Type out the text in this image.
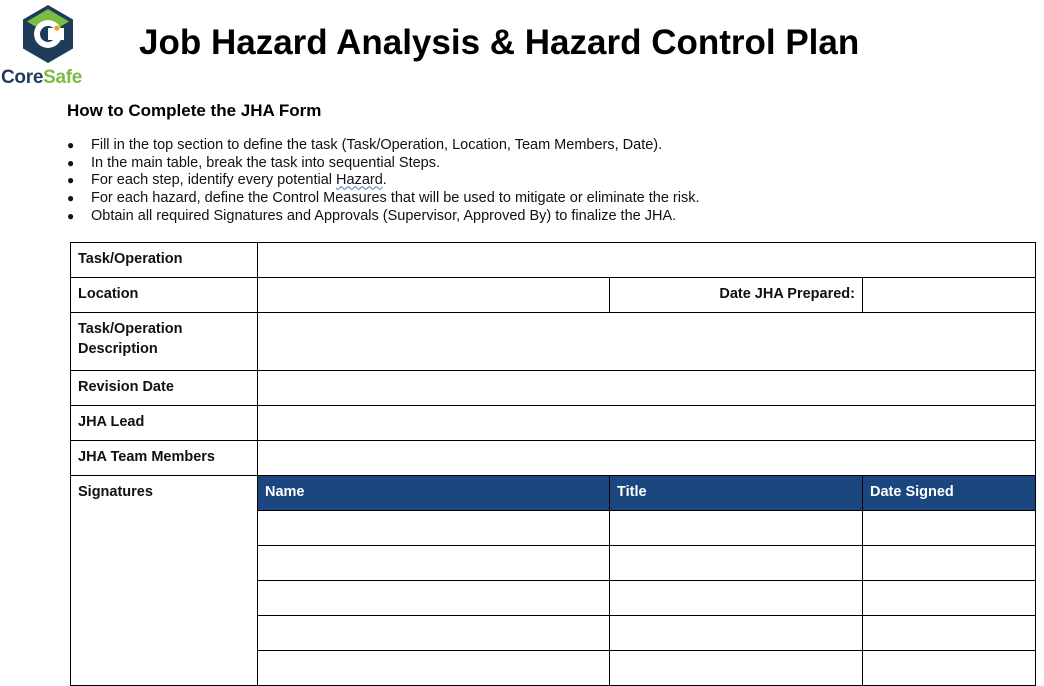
CoreSafe
Job Hazard Analysis & Hazard Control Plan
How to Complete the JHA Form
● Fill in the top section to define the task (Task/Operation, Location, Team Members, Date).
● In the main table, break the task into sequential Steps.
● For each step, identify every potential Hazard.
● For each hazard, define the Control Measures that will be used to mitigate or eliminate the risk.
● Obtain all required Signatures and Approvals (Supervisor, Approved By) to finalize the JHA.
Task/Operation			
Location		Date JHA Prepared:	
Task/Operation Description			
Revision Date			
JHA Lead			
JHA Team Members			
Signatures	Name	Title	Date Signed
